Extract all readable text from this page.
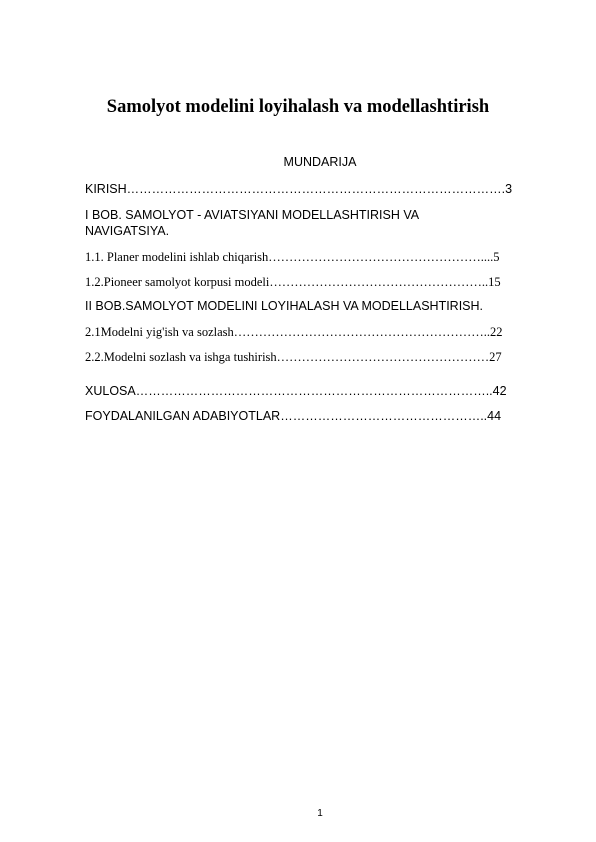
Samolyot modelini loyihalash va modellashtirish

MUNDARIJA

KIRISH……………………………………………………………………………….3
I BOB. SAMOLYOT - AVIATSIYANI MODELLASHTIRISH VA NAVIGATSIYA.
1.1. Planer modelini ishlab chiqarish……………………………………………....5
1.2.Pioneer samolyot korpusi modeli……………………………………………..15
II BOB.SAMOLYOT MODELINI LOYIHALASH VA MODELLASHTIRISH.
2.1Modelni yig'ish va sozlash……………………………………………………..22
2.2.Modelni sozlash va ishga tushirish……………………………………………27
XULOSA…………………………………………………………………………..42
FOYDALANILGAN ADABIYOTLAR…………………………………………..44
1
